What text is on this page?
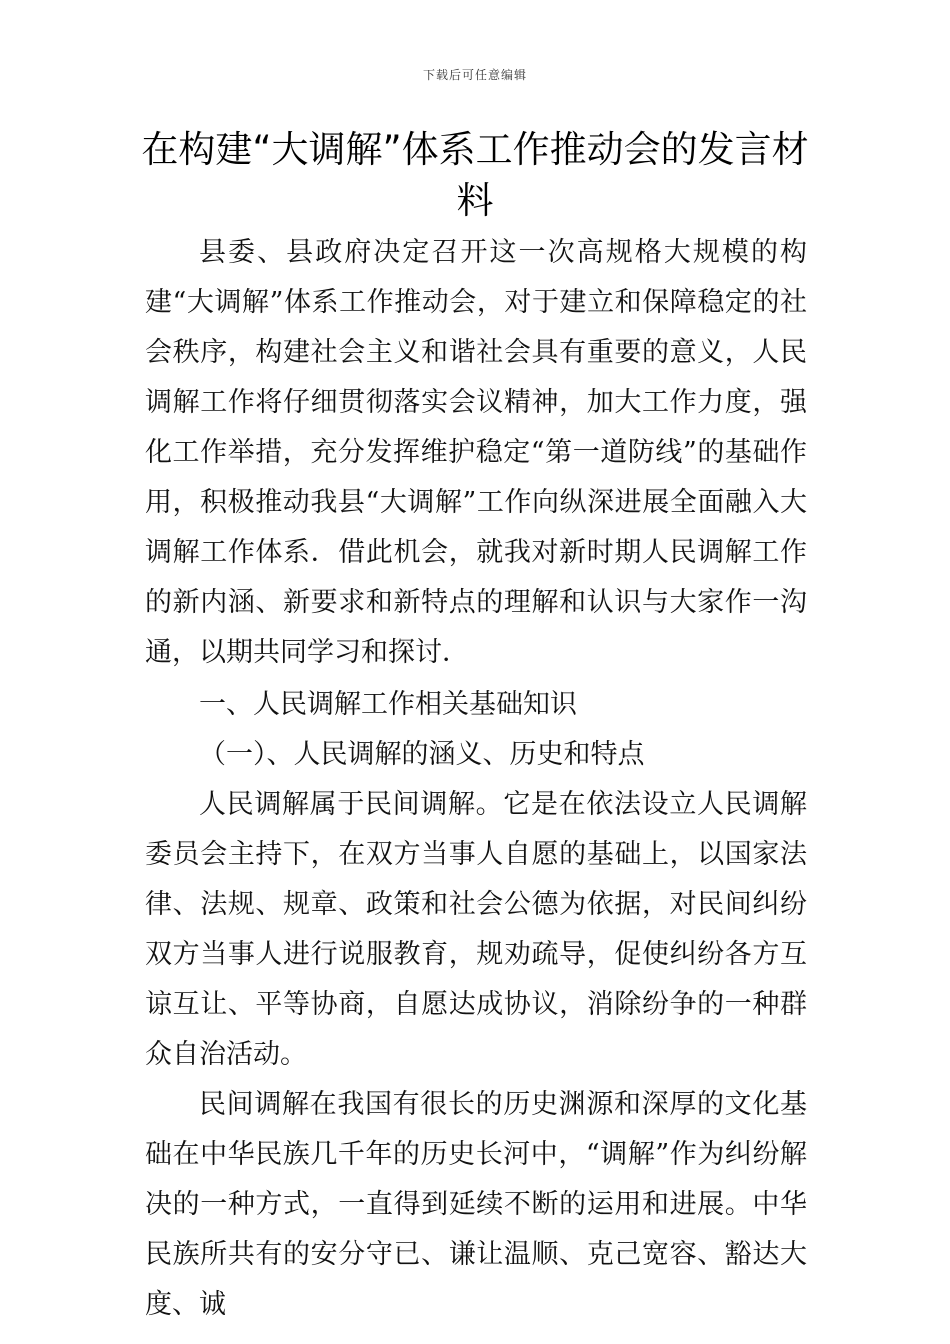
下载后可任意编辑
在构建“大调解”体系工作推动会的发言材料

县委、县政府决定召开这一次高规格大规模的构建“大调解”体系工作推动会，对于建立和保障稳定的社会秩序，构建社会主义和谐社会具有重要的意义，人民调解工作将仔细贯彻落实会议精神，加大工作力度，强化工作举措，充分发挥维护稳定“第一道防线”的基础作用，积极推动我县“大调解”工作向纵深进展全面融入大调解工作体系．借此机会，就我对新时期人民调解工作的新内涵、新要求和新特点的理解和认识与大家作一沟通，以期共同学习和探讨．

一、人民调解工作相关基础知识

（一）、人民调解的涵义、历史和特点

人民调解属于民间调解。它是在依法设立人民调解委员会主持下，在双方当事人自愿的基础上，以国家法律、法规、规章、政策和社会公德为依据，对民间纠纷双方当事人进行说服教育，规劝疏导，促使纠纷各方互谅互让、平等协商，自愿达成协议，消除纷争的一种群众自治活动。

民间调解在我国有很长的历史渊源和深厚的文化基础在中华民族几千年的历史长河中，“调解”作为纠纷解决的一种方式，一直得到延续不断的运用和进展。中华民族所共有的安分守已、谦让温顺、克己宽容、豁达大度、诚
